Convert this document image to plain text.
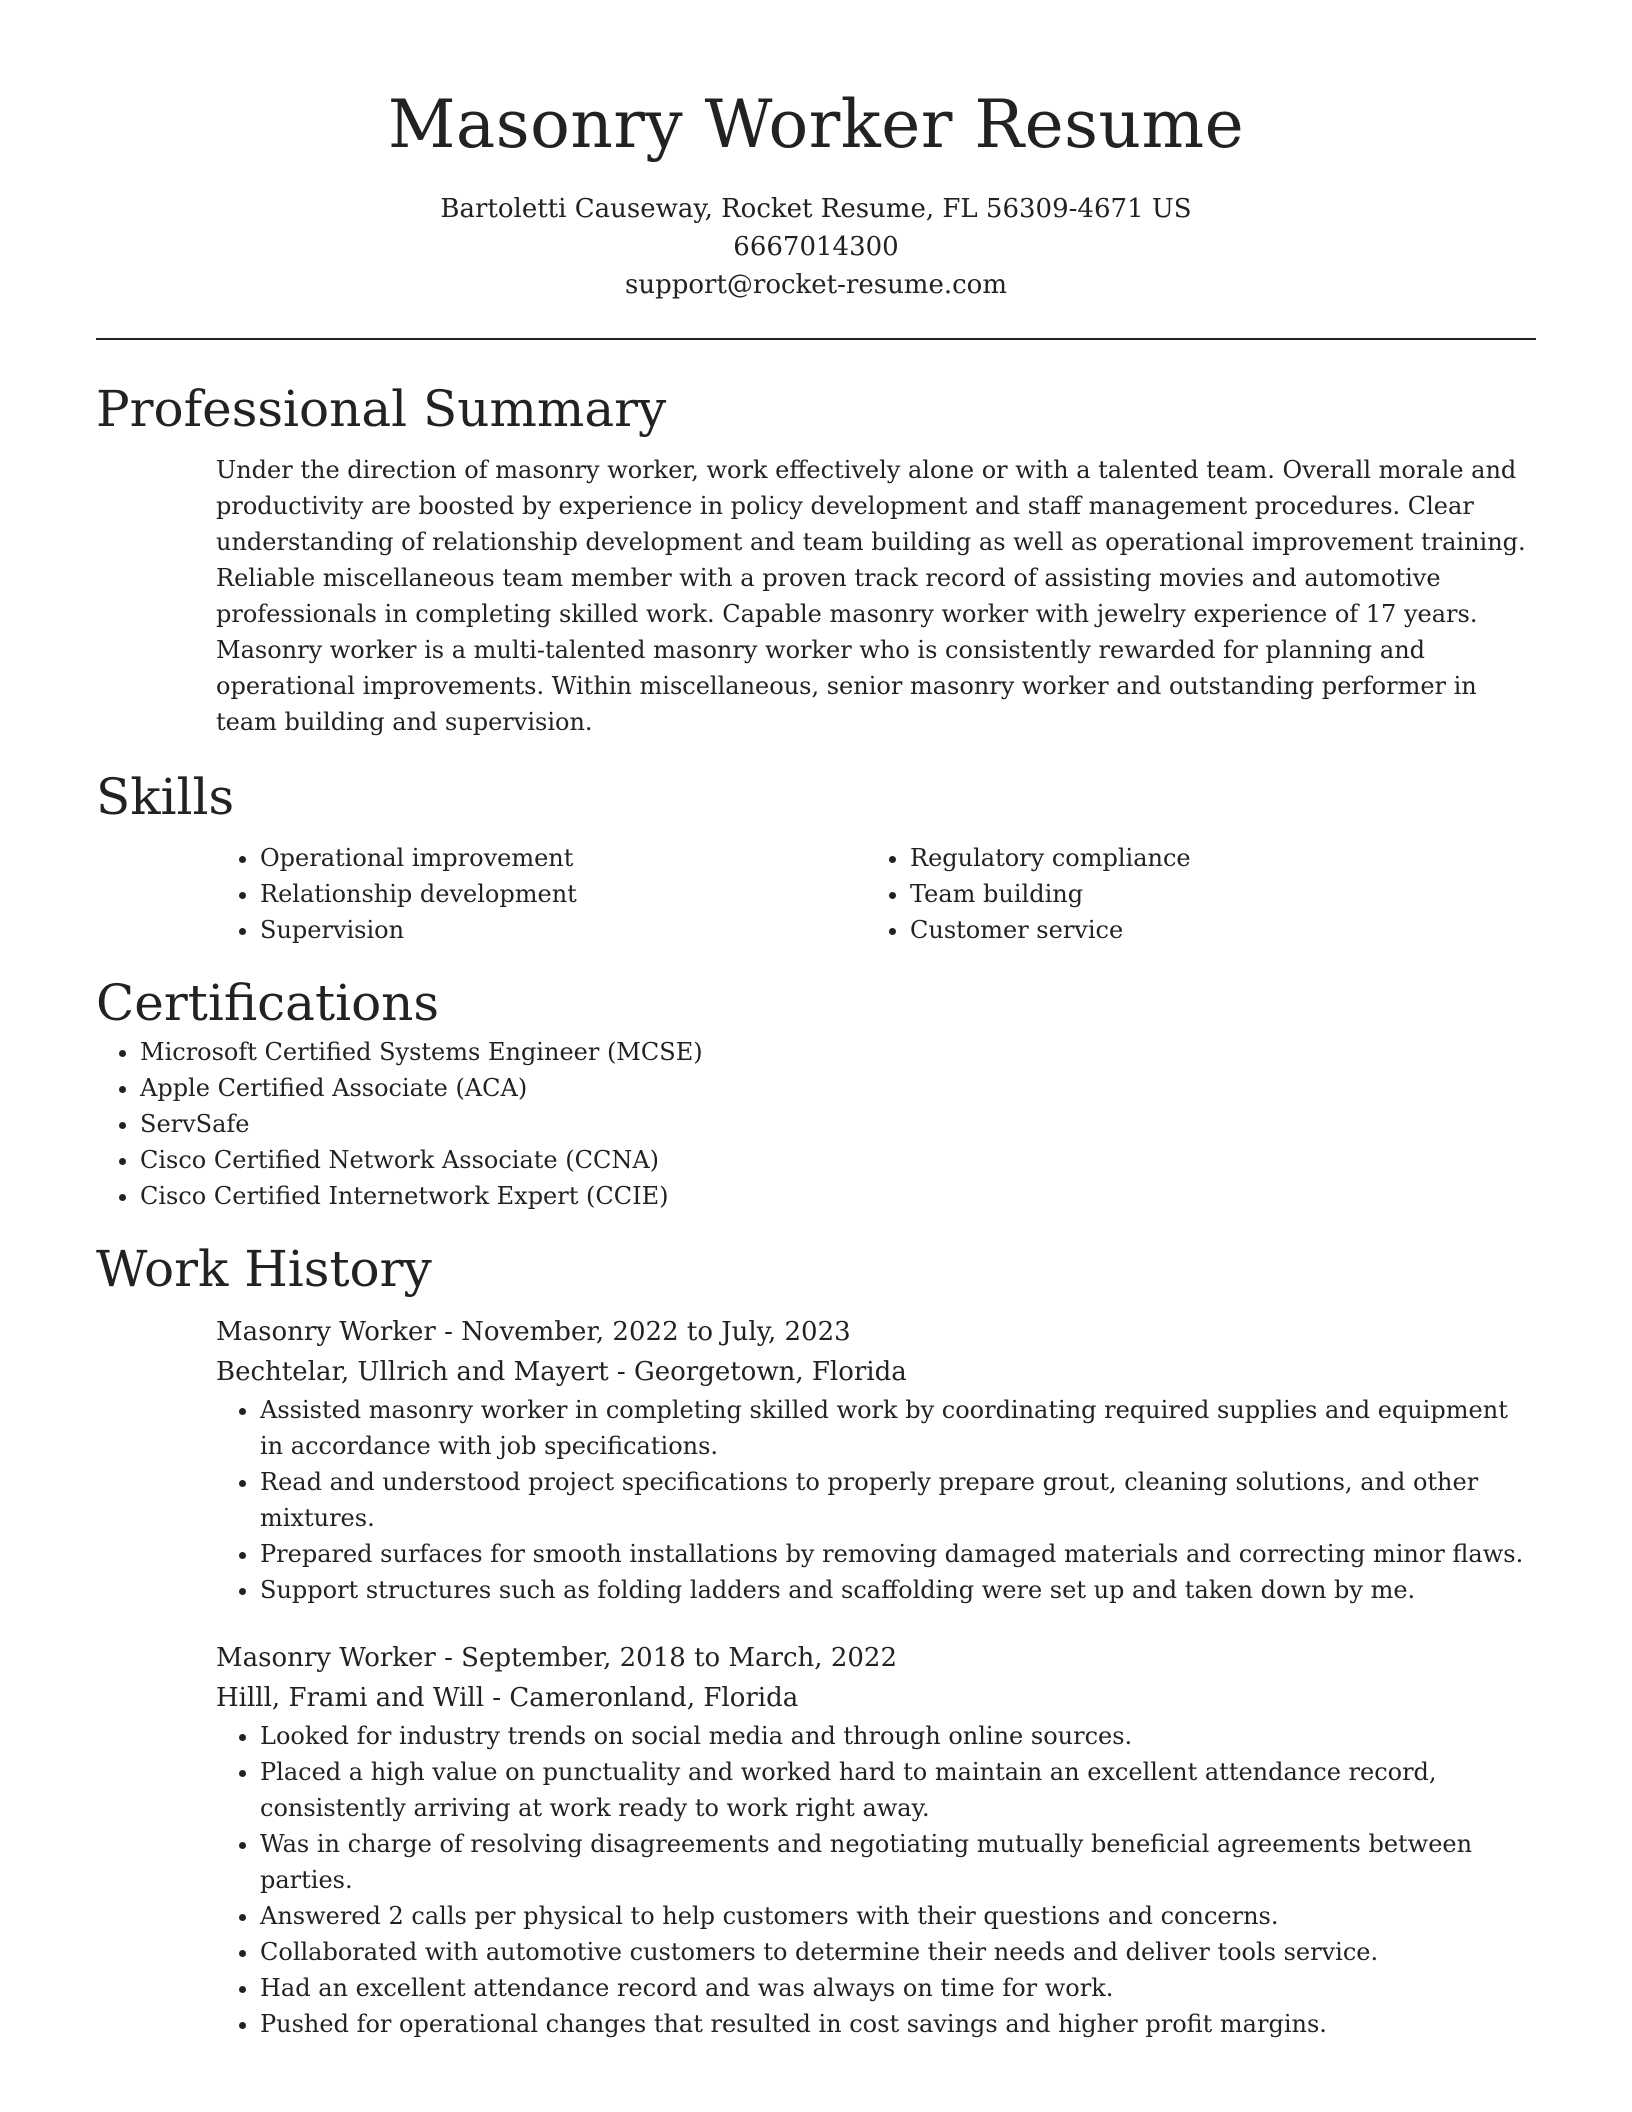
Masonry Worker Resume
Bartoletti Causeway, Rocket Resume, FL 56309-4671 US
6667014300
support@rocket-resume.com
Professional Summary

Under the direction of masonry worker, work effectively alone or with a talented team. Overall morale and productivity are boosted by experience in policy development and staff management procedures. Clear understanding of relationship development and team building as well as operational improvement training. Reliable miscellaneous team member with a proven track record of assisting movies and automotive professionals in completing skilled work. Capable masonry worker with jewelry experience of 17 years. Masonry worker is a multi-talented masonry worker who is consistently rewarded for planning and operational improvements. Within miscellaneous, senior masonry worker and outstanding performer in team building and supervision.

Skills
• Operational improvement
• Relationship development
• Supervision
• Regulatory compliance
• Team building
• Customer service
Certifications
• Microsoft Certified Systems Engineer (MCSE)
• Apple Certified Associate (ACA)
• ServSafe
• Cisco Certified Network Associate (CCNA)
• Cisco Certified Internetwork Expert (CCIE)
Work History
Masonry Worker - November, 2022 to July, 2023
Bechtelar, Ullrich and Mayert - Georgetown, Florida
• Assisted masonry worker in completing skilled work by coordinating required supplies and equipment in accordance with job specifications.
• Read and understood project specifications to properly prepare grout, cleaning solutions, and other mixtures.
• Prepared surfaces for smooth installations by removing damaged materials and correcting minor flaws.
• Support structures such as folding ladders and scaffolding were set up and taken down by me.
Masonry Worker - September, 2018 to March, 2022
Hilll, Frami and Will - Cameronland, Florida
• Looked for industry trends on social media and through online sources.
• Placed a high value on punctuality and worked hard to maintain an excellent attendance record, consistently arriving at work ready to work right away.
• Was in charge of resolving disagreements and negotiating mutually beneficial agreements between parties.
• Answered 2 calls per physical to help customers with their questions and concerns.
• Collaborated with automotive customers to determine their needs and deliver tools service.
• Had an excellent attendance record and was always on time for work.
• Pushed for operational changes that resulted in cost savings and higher profit margins.
